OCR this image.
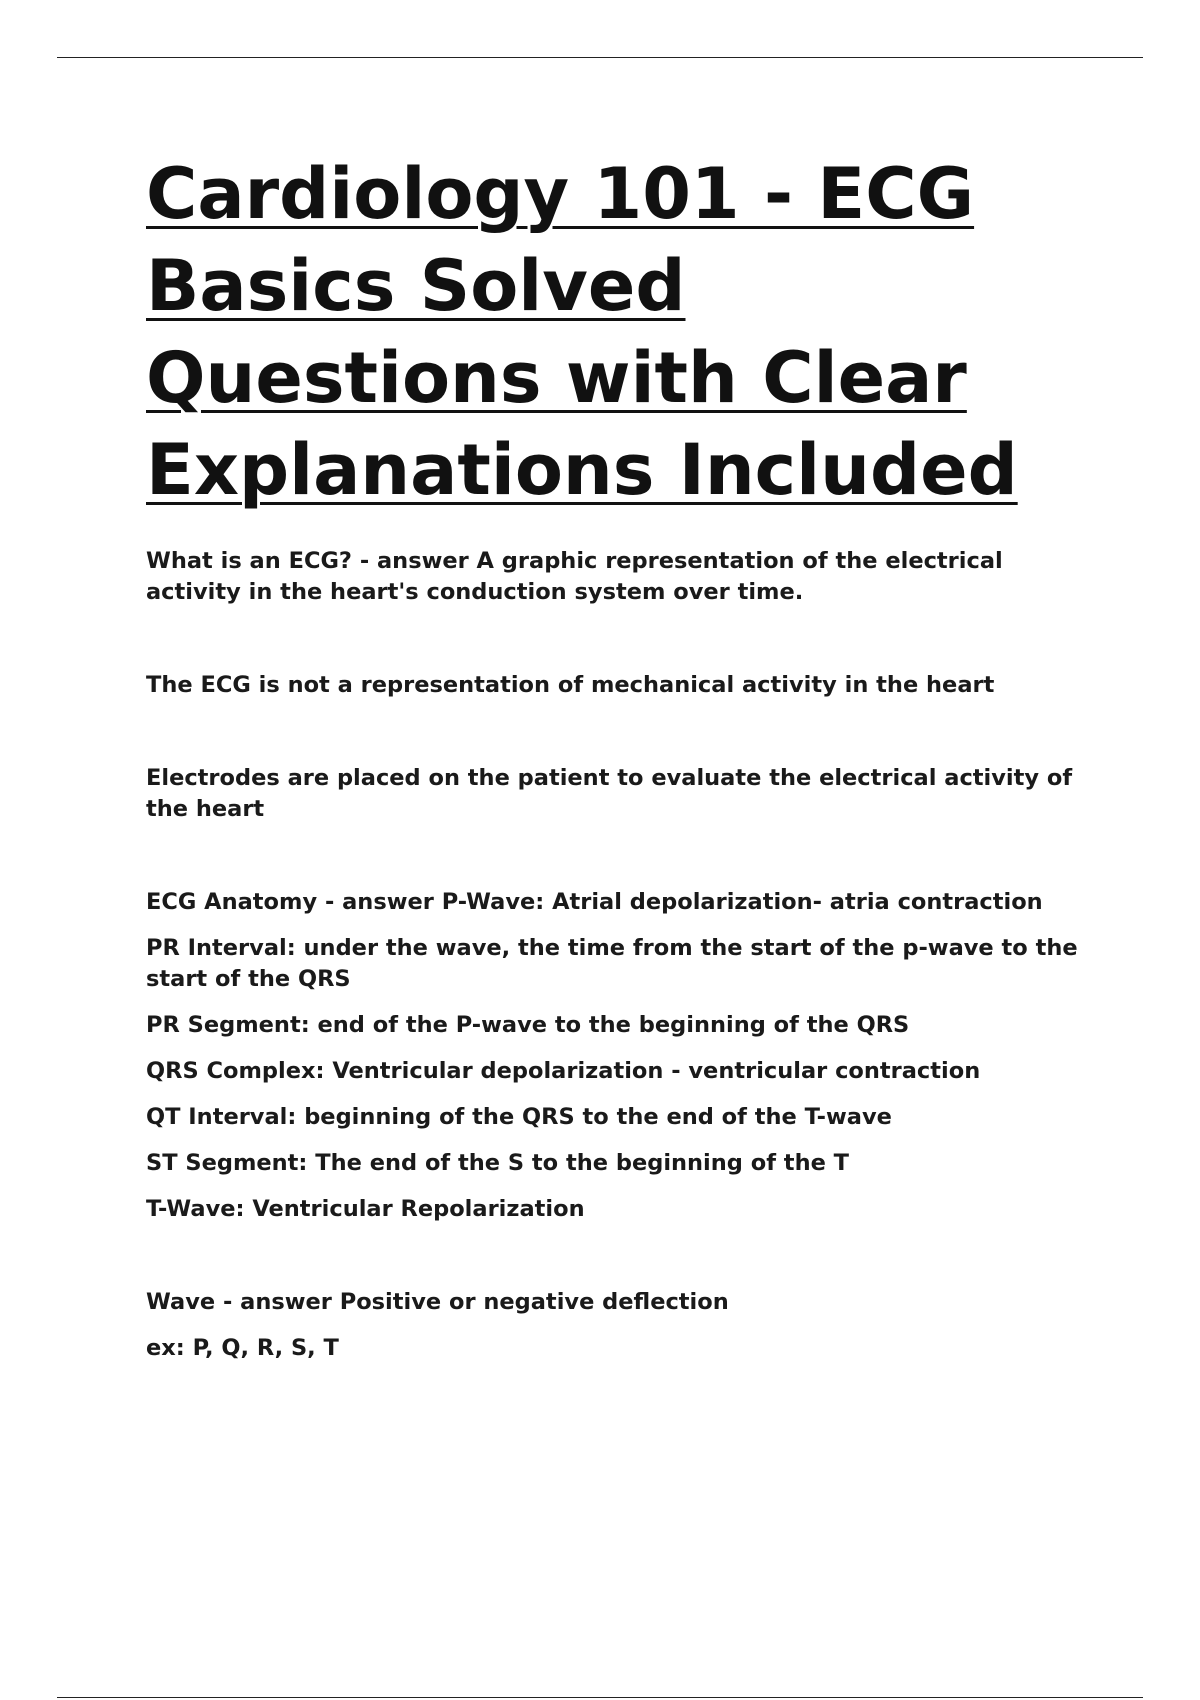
Cardiology 101 - ECG Basics Solved Questions with Clear Explanations Included

What is an ECG? - answer A graphic representation of the electrical activity in the heart's conduction system over time.

The ECG is not a representation of mechanical activity in the heart

Electrodes are placed on the patient to evaluate the electrical activity of the heart

ECG Anatomy - answer P-Wave: Atrial depolarization- atria contraction

PR Interval: under the wave, the time from the start of the p-wave to the start of the QRS

PR Segment: end of the P-wave to the beginning of the QRS

QRS Complex: Ventricular depolarization - ventricular contraction

QT Interval: beginning of the QRS to the end of the T-wave

ST Segment: The end of the S to the beginning of the T

T-Wave: Ventricular Repolarization

Wave - answer Positive or negative deflection

ex: P, Q, R, S, T
